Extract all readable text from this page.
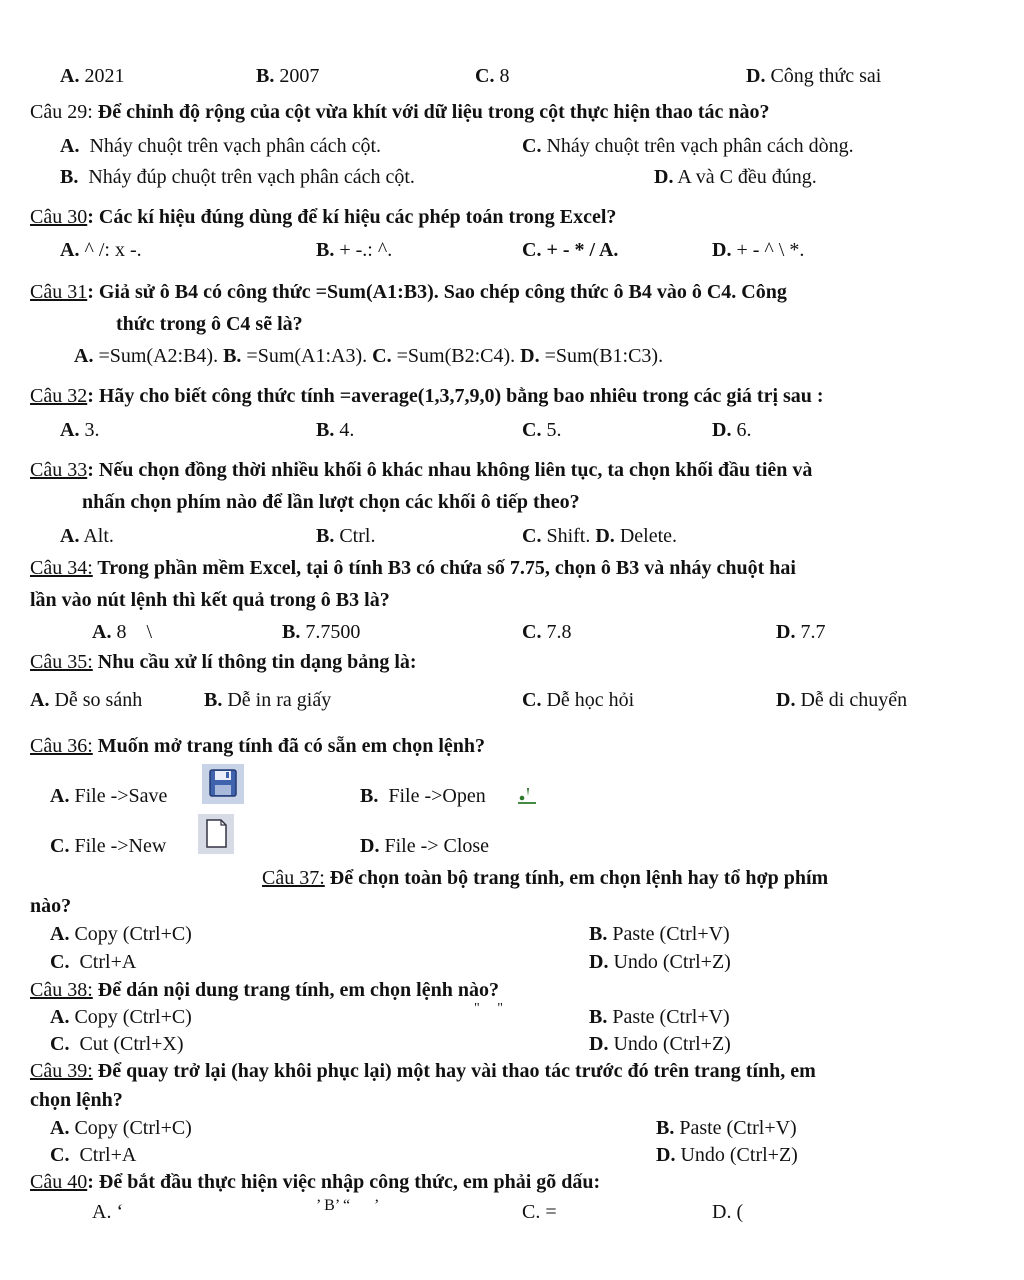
A. 2021	B. 2007	C. 8	D. Công thức sai
Câu 29: Để chỉnh độ rộng của cột vừa khít với dữ liệu trong cột thực hiện thao tác nào?
A. Nháy chuột trên vạch phân cách cột.	C. Nháy chuột trên vạch phân cách dòng.
B. Nháy đúp chuột trên vạch phân cách cột.	D. A và C đều đúng.
Câu 30: Các kí hiệu đúng dùng để kí hiệu các phép toán trong Excel?
A. ^ /: x -.	B. + -.: ^.	C. + - * / A.	D. + - ^ \ *.
Câu 31: Giả sử ô B4 có công thức =Sum(A1:B3). Sao chép công thức ô B4 vào ô C4. Công
thức trong ô C4 sẽ là?
A. =Sum(A2:B4). B. =Sum(A1:A3). C. =Sum(B2:C4). D. =Sum(B1:C3).
Câu 32: Hãy cho biết công thức tính =average(1,3,7,9,0) bằng bao nhiêu trong các giá trị sau :
A. 3.	B. 4.	C. 5.	D. 6.
Câu 33: Nếu chọn đồng thời nhiều khối ô khác nhau không liên tục, ta chọn khối đầu tiên và
nhấn chọn phím nào để lần lượt chọn các khối ô tiếp theo?
A. Alt.	B. Ctrl.	C. Shift. D. Delete.
Câu 34: Trong phần mềm Excel, tại ô tính B3 có chứa số 7.75, chọn ô B3 và nháy chuột hai
lần vào nút lệnh thì kết quả trong ô B3 là?
A. 8 \	B. 7.7500	C. 7.8	D. 7.7
Câu 35: Nhu cầu xử lí thông tin dạng bảng là:
A. Dễ so sánh	B. Dễ in ra giấy	C. Dễ học hỏi	D. Dễ di chuyển
Câu 36: Muốn mở trang tính đã có sẵn em chọn lệnh?
A. File ->Save	B. File ->Open
C. File ->New	D. File -> Close
Câu 37: Để chọn toàn bộ trang tính, em chọn lệnh hay tổ hợp phím
nào?
A. Copy (Ctrl+C)	B. Paste (Ctrl+V)
C. Ctrl+A	D. Undo (Ctrl+Z)
Câu 38: Để dán nội dung trang tính, em chọn lệnh nào?
A. Copy (Ctrl+C)	"     "	B. Paste (Ctrl+V)
C. Cut (Ctrl+X)	D. Undo (Ctrl+Z)
Câu 39: Để quay trở lại (hay khôi phục lại) một hay vài thao tác trước đó trên trang tính, em
chọn lệnh?
A. Copy (Ctrl+C)	B. Paste (Ctrl+V)
C. Ctrl+A	D. Undo (Ctrl+Z)
Câu 40: Để bắt đầu thực hiện việc nhập công thức, em phải gõ dấu:
A. ‘	’ B’ “      ’	C. =	D. (
